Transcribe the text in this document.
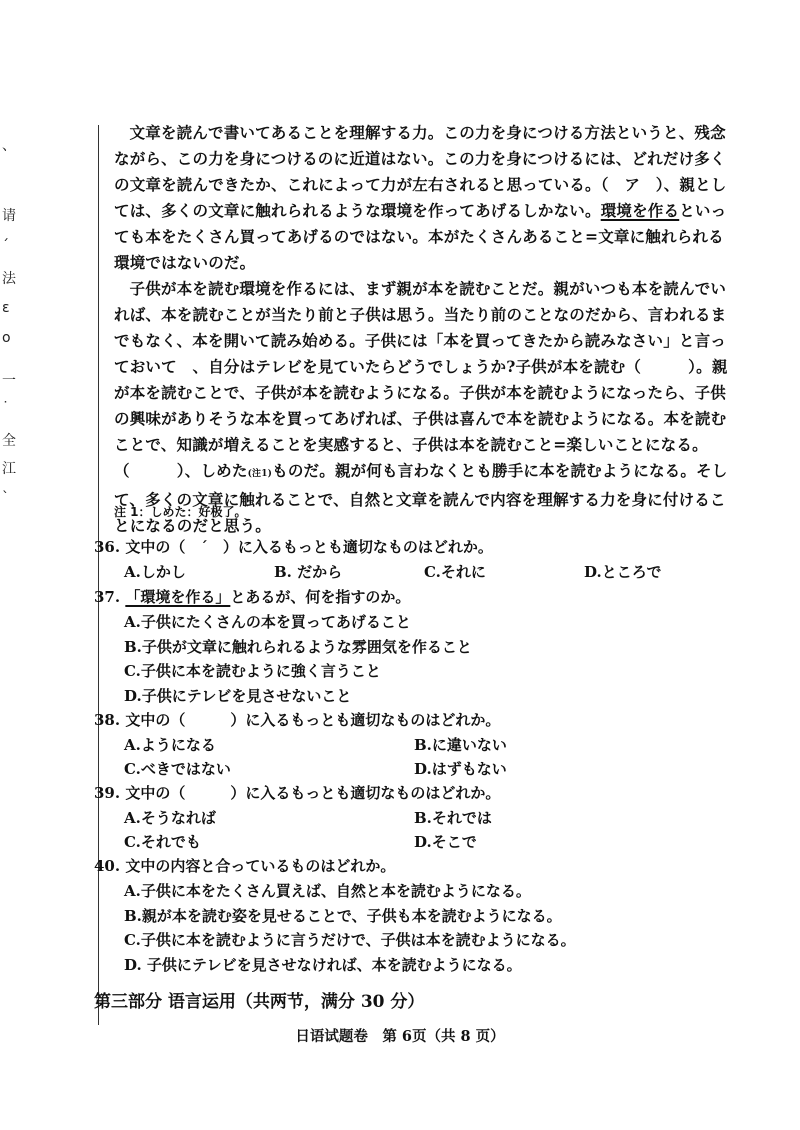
、
请
ˊ
法
ε
o
一
˙
全
江
ˋ

文章を読んで書いてあることを理解する力。この力を身につける方法というと、残念ながら、この力を身につけるのに近道はない。この力を身につけるには、どれだけ多くの文章を読んできたか、これによって力が左右されると思っている。（　ア　）、親としては、多くの文章に触れられるような環境を作ってあげるしかない。環境を作るといっても本をたくさん買ってあげるのではない。本がたくさんあること=文章に触れられる環境ではないのだ。

子供が本を読む環境を作るには、まず親が本を読むことだ。親がいつも本を読んでいれば、本を読むことが当たり前と子供は思う。当たり前のことなのだから、言われるまでもなく、本を開いて読み始める。子供には「本を買ってきたから読みなさい」と言っておいて　、自分はテレビを見ていたらどうでしょうか?子供が本を読む（　　　）。親が本を読むことで、子供が本を読むようになる。子供が本を読むようになったら、子供の興味がありそうな本を買ってあげれば、子供は喜んで本を読むようになる。本を読むことで、知識が増えることを実感すると、子供は本を読むこと=楽しいことになる。（　　　）、しめた(注1)ものだ。親が何も言わなくとも勝手に本を読むようになる。そして、多くの文章に触れることで、自然と文章を読んで内容を理解する力を身に付けることになるのだと思う。

注 1：しめた：好极了。
36. 文中の（　ˊ　）に入るもっとも適切なものはどれか。
A.しかし	B. だから	C.それに	D.ところで
37. 「環境を作る」とあるが、何を指すのか。
A.子供にたくさんの本を買ってあげること
B.子供が文章に触れられるような雰囲気を作ること
C.子供に本を読むように強く言うこと
D.子供にテレビを見させないこと
38. 文中の（　　　）に入るもっとも適切なものはどれか。
A.ようになる	B.に違いない
C.べきではない	D.はずもない
39. 文中の（　　　）に入るもっとも適切なものはどれか。
A.そうなれば	B.それでは
C.それでも	D.そこで
40. 文中の内容と合っているものはどれか。
A.子供に本をたくさん買えば、自然と本を読むようになる。
B.親が本を読む姿を見せることで、子供も本を読むようになる。
C.子供に本を読むように言うだけで、子供は本を読むようになる。
D. 子供にテレビを見させなければ、本を読むようになる。
第三部分 语言运用（共两节，满分 30 分）
日语试题卷　第 6页（共 8 页）
